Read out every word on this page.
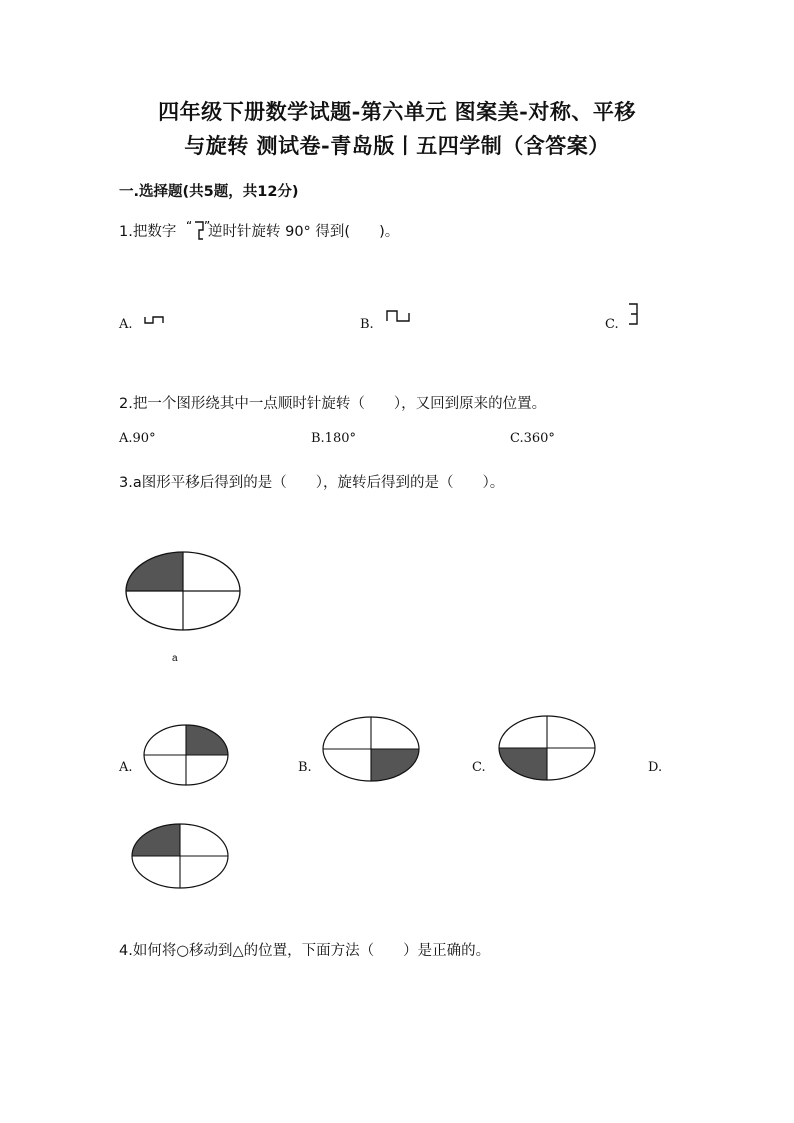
四年级下册数学试题-第六单元 图案美-对称、平移
与旋转 测试卷-青岛版丨五四学制（含答案）
一.选择题(共5题，共12分)
1.把数字 “ ”
逆时针旋转 90° 得到(　　)。
A.	B.	C.
2.把一个图形绕其中一点顺时针旋转（　　），又回到原来的位置。
A.90°	B.180°	C.360°
3.a图形平移后得到的是（　　），旋转后得到的是（　　）。
a
A.	B.	C.	D.
4.如何将○移动到△的位置，下面方法（　　）是正确的。
